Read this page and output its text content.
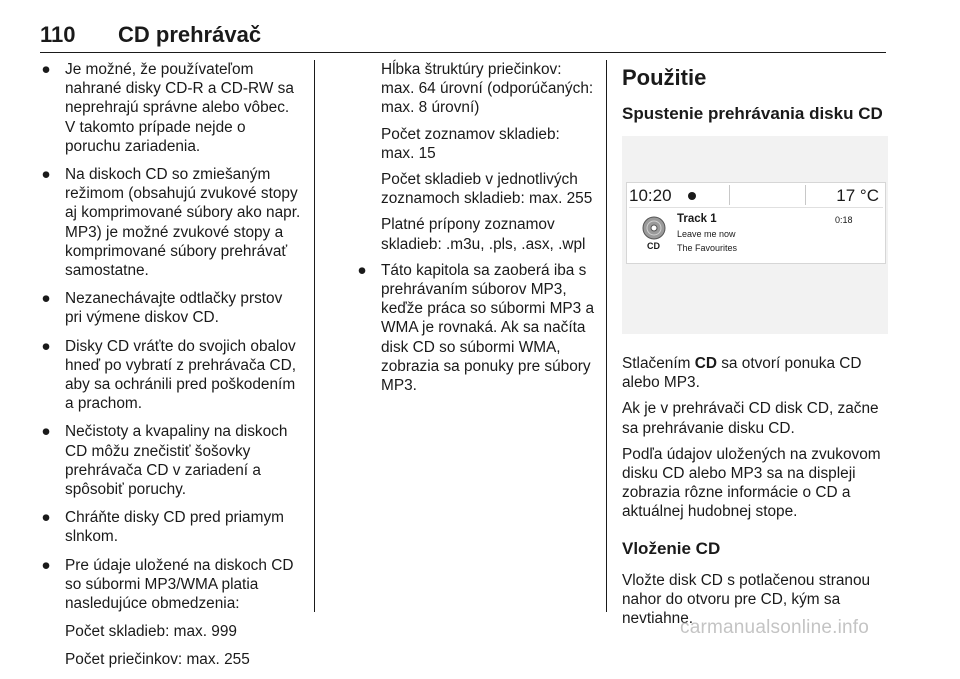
110 CD prehrávač
● Je možné, že používateľom nahrané disky CD-R a CD-RW sa neprehrajú správne alebo vôbec. V takomto prípade nejde o poruchu zariadenia.
● Na diskoch CD so zmiešaným režimom (obsahujú zvukové stopy aj komprimované súbory ako napr. MP3) je možné zvukové stopy a komprimované súbory prehrávať samostatne.
● Nezanechávajte odtlačky prstov pri výmene diskov CD.
● Disky CD vráťte do svojich obalov hneď po vybratí z prehrávača CD, aby sa ochránili pred poškodením a prachom.
● Nečistoty a kvapaliny na diskoch CD môžu znečistiť šošovky prehrávača CD v zariadení a spôsobiť poruchy.
● Chráňte disky CD pred priamym slnkom.
● Pre údaje uložené na diskoch CD so súbormi MP3/WMA platia nasledujúce obmedzenia:

Počet skladieb: max. 999

Počet priečinkov: max. 255

Hĺbka štruktúry priečinkov: max. 64 úrovní (odporúčaných: max. 8 úrovní)

Počet zoznamov skladieb: max. 15

Počet skladieb v jednotlivých zoznamoch skladieb: max. 255

Platné prípony zoznamov skladieb: .m3u, .pls, .asx, .wpl

● Táto kapitola sa zaoberá iba s prehrávaním súborov MP3, keďže práca so súbormi MP3 a WMA je rovnaká. Ak sa načíta disk CD so súbormi WMA, zobrazia sa ponuky pre súbory MP3.
Použitie
Spustenie prehrávania disku CD
10:20	17 °C
CD
Track 1
Leave me now
The Favourites
0:18

Stlačením CD sa otvorí ponuka CD alebo MP3.

Ak je v prehrávači CD disk CD, začne sa prehrávanie disku CD.

Podľa údajov uložených na zvukovom disku CD alebo MP3 sa na displeji zobrazia rôzne informácie o CD a aktuálnej hudobnej stope.

Vloženie CD

Vložte disk CD s potlačenou stranou nahor do otvoru pre CD, kým sa nevtiahne.

carmanualsonline.info
